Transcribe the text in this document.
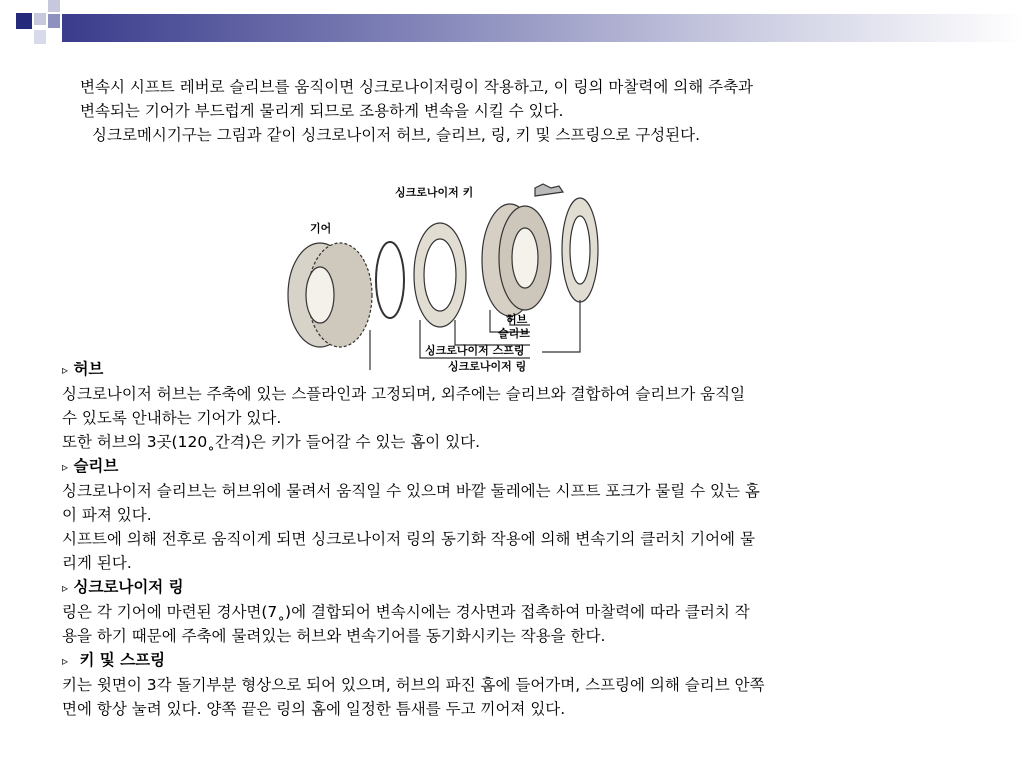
변속시 시프트 레버로 슬리브를 움직이면 싱크로나이저링이 작용하고, 이 링의 마찰력에 의해 주축과
변속되는 기어가 부드럽게 물리게 되므로 조용하게 변속을 시킬 수 있다.
싱크로메시기구는 그림과 같이 싱크로나이저 허브, 슬리브, 링, 키 및 스프링으로 구성된다.
싱크로나이저 키
기어
허브
슬리브
싱크로나이저 스프링
싱크로나이저 링
▹ 허브
싱크로나이저 허브는 주축에 있는 스플라인과 고정되며, 외주에는 슬리브와 결합하여 슬리브가 움직일
수 있도록 안내하는 기어가 있다.
또한 허브의 3곳(120˳간격)은 키가 들어갈 수 있는 홈이 있다.
▹ 슬리브
싱크로나이저 슬리브는 허브위에 물려서 움직일 수 있으며 바깥 둘레에는 시프트 포크가 물릴 수 있는 홈
이 파져 있다.
시프트에 의해 전후로 움직이게 되면 싱크로나이저 링의 동기화 작용에 의해 변속기의 클러치 기어에 물
리게 된다.
▹ 싱크로나이저 링
링은 각 기어에 마련된 경사면(7˳)에 결합되어 변속시에는 경사면과 접촉하여 마찰력에 따라 클러치 작
용을 하기 때문에 주축에 물려있는 허브와 변속기어를 동기화시키는 작용을 한다.
▹ 키 및 스프링
키는 윗면이 3각 돌기부분 형상으로 되어 있으며, 허브의 파진 홈에 들어가며, 스프링에 의해 슬리브 안쪽
면에 항상 눌려 있다. 양쪽 끝은 링의 홈에 일정한 틈새를 두고 끼어져 있다.
